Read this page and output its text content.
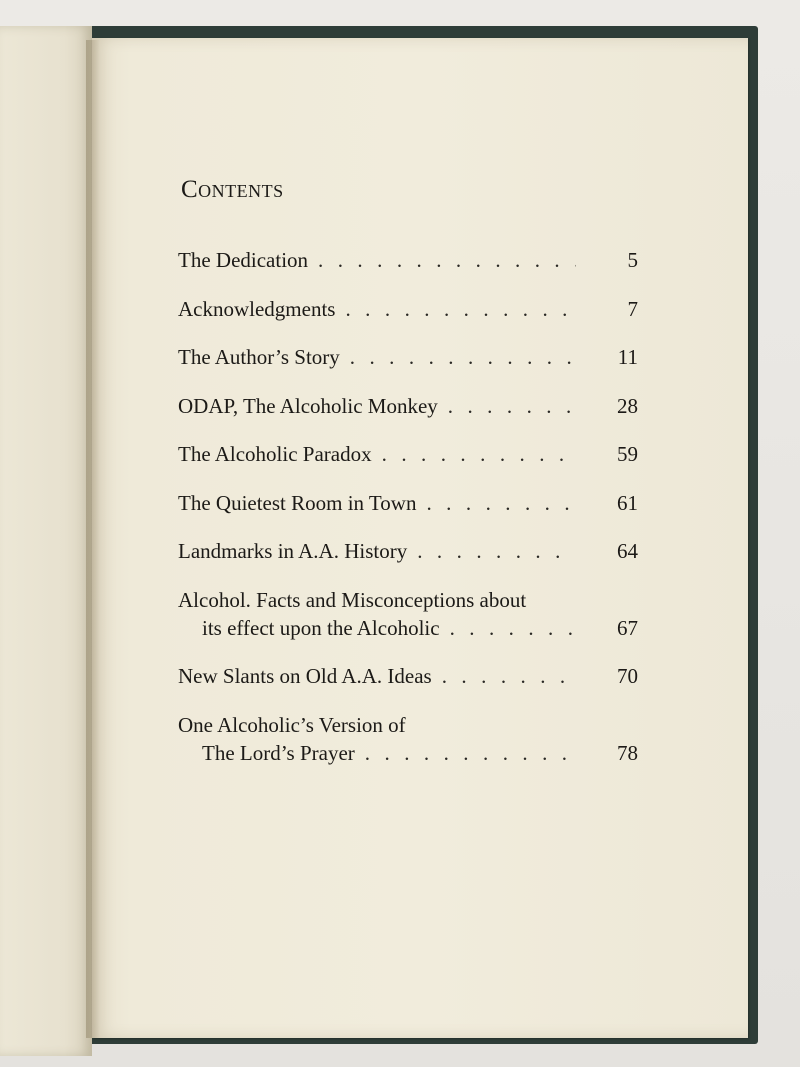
Contents
The Dedication . . .	5
Acknowledgments . . .	7
The Author’s Story . . .	11
ODAP, The Alcoholic Monkey . . .	28
The Alcoholic Paradox . . .	59
The Quietest Room in Town . . .	61
Landmarks in A.A. History . . .	64
Alcohol. Facts and Misconceptions about
its effect upon the Alcoholic . . .	67
New Slants on Old A.A. Ideas . . .	70
One Alcoholic’s Version of
The Lord’s Prayer . . .	78
